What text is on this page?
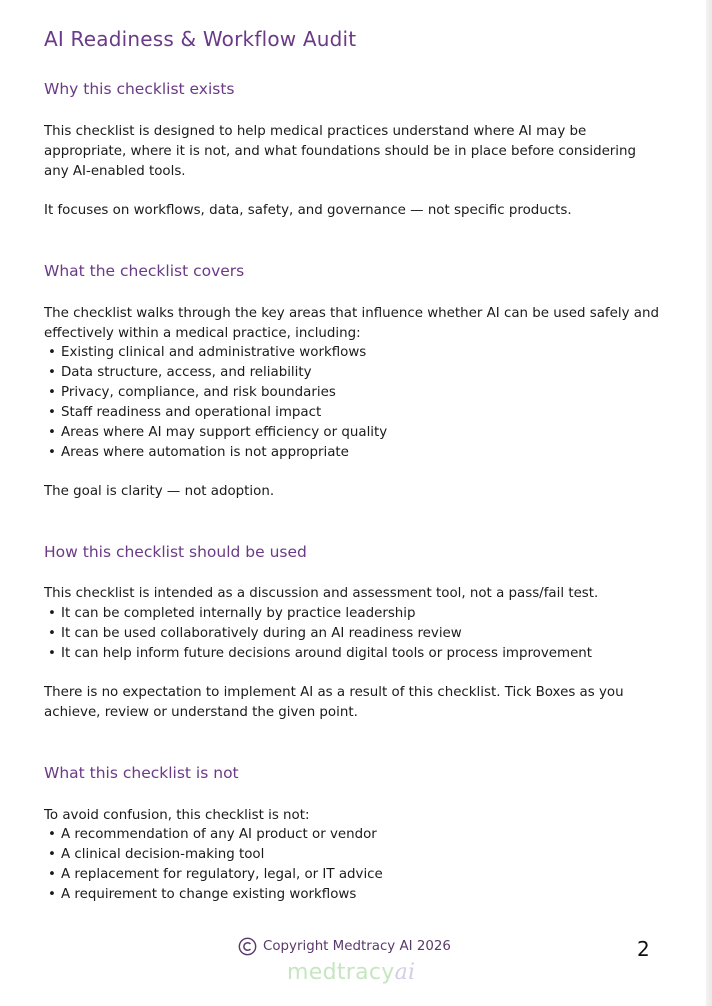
AI Readiness & Workflow Audit
Why this checklist exists

This checklist is designed to help medical practices understand where AI may be appropriate, where it is not, and what foundations should be in place before considering any AI-enabled tools.

It focuses on workflows, data, safety, and governance — not specific products.

What the checklist covers

The checklist walks through the key areas that influence whether AI can be used safely and effectively within a medical practice, including:

• Existing clinical and administrative workflows
• Data structure, access, and reliability
• Privacy, compliance, and risk boundaries
• Staff readiness and operational impact
• Areas where AI may support efficiency or quality
• Areas where automation is not appropriate

The goal is clarity — not adoption.

How this checklist should be used

This checklist is intended as a discussion and assessment tool, not a pass/fail test.

• It can be completed internally by practice leadership
• It can be used collaboratively during an AI readiness review
• It can help inform future decisions around digital tools or process improvement

There is no expectation to implement AI as a result of this checklist. Tick Boxes as you achieve, review or understand the given point.

What this checklist is not

To avoid confusion, this checklist is not:

• A recommendation of any AI product or vendor
• A clinical decision-making tool
• A replacement for regulatory, legal, or IT advice
• A requirement to change existing workflows
Copyright Medtracy AI 2026	2
medtracyai
